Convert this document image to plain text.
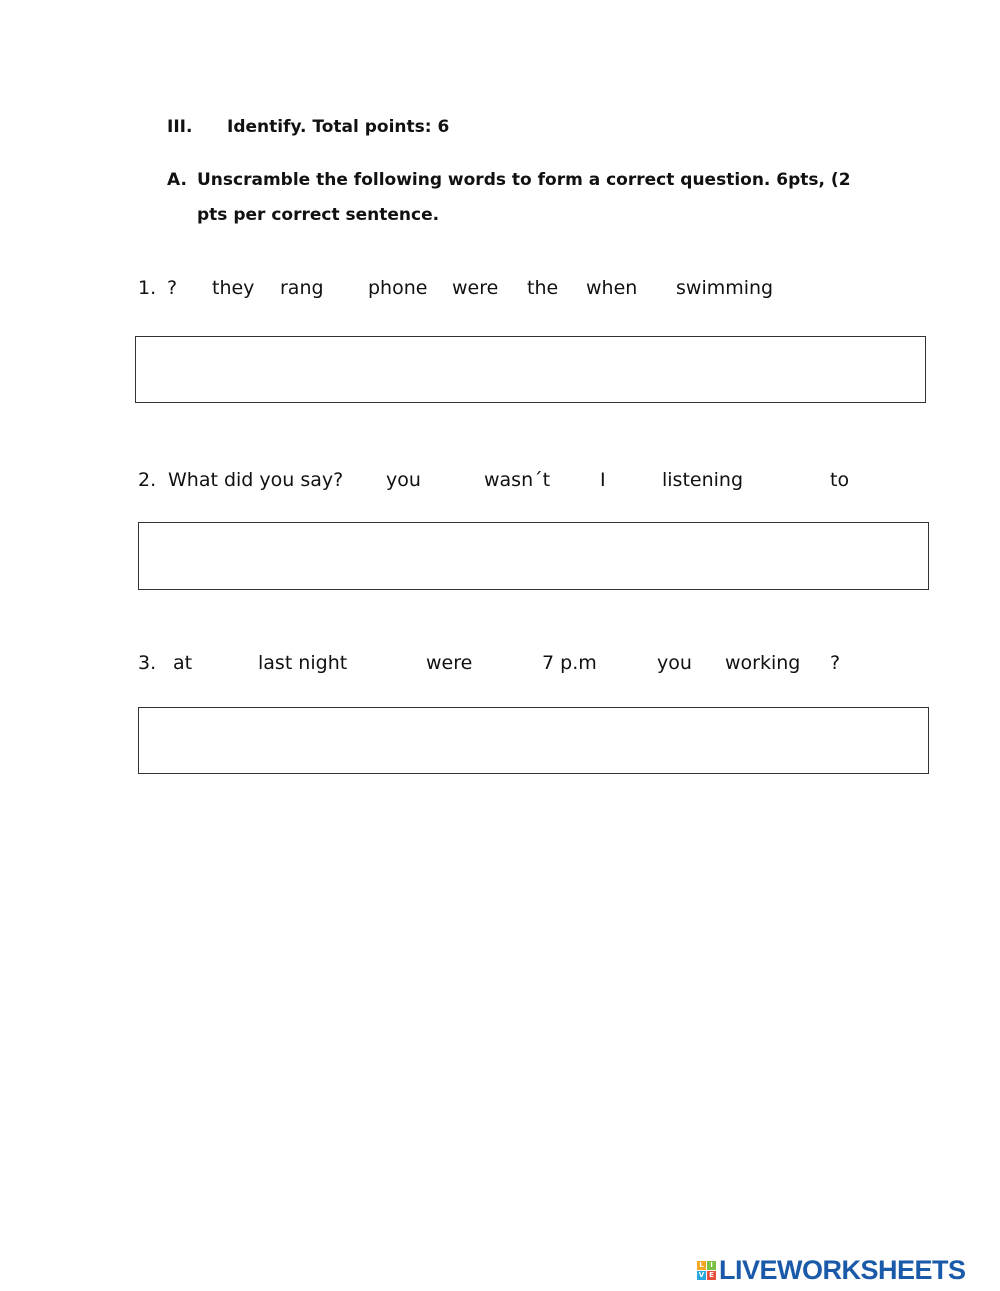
III. Identify. Total points: 6
A. Unscramble the following words to form a correct question. 6pts, (2
pts per correct sentence.
1. ? they rang phone were the when swimming
2. What did you say? you	wasn´t	I	listening	to
3. at	last night	were	7 p.m	you working ?
L I
V E LIVEWORKSHEETS
